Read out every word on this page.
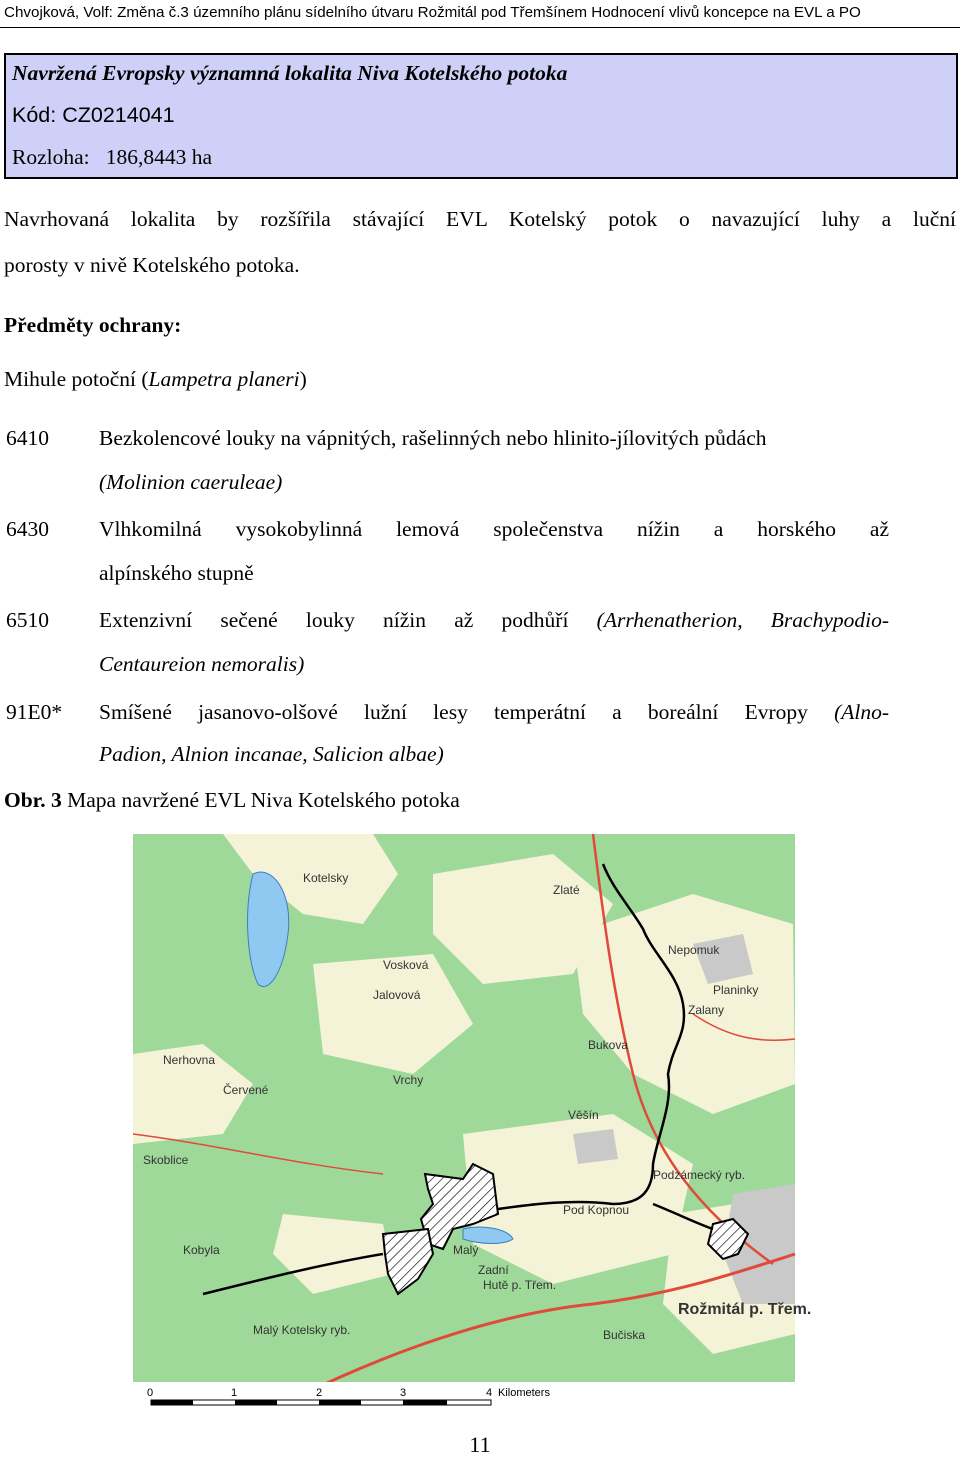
Chvojková, Volf: Změna č.3 územního plánu sídelního útvaru Rožmitál pod Třemšínem Hodnocení vlivů koncepce na EVL a PO
Navržená Evropsky významná lokalita Niva Kotelského potoka
Kód: CZ0214041
Rozloha: 186,8443 ha
Navrhovaná lokalita by rozšířila stávající EVL Kotelský potok o navazující luhy a luční
porosty v nivě Kotelského potoka.
Předměty ochrany:
Mihule potoční (Lampetra planeri)
6410 Bezkolencové louky na vápnitých, rašelinných nebo hlinito-jílovitých půdách
(Molinion caeruleae)
6430 Vlhkomilná vysokobylinná lemová společenstva nížin a horského až
alpínského stupně
6510 Extenzivní sečené louky nížin až podhůří (Arrhenatherion, Brachypodio-
Centaureion nemoralis)
91E0* Smíšené jasanovo-olšové lužní lesy temperátní a boreální Evropy (Alno-
Padion, Alnion incanae, Salicion albae)
Obr. 3 Mapa navržené EVL Niva Kotelského potoka
Nepomuk
Zalany
Bukova
Věšín
Pod Kopnou
Rožmitál p. Třem.
Zadní
Hutě p. Třem.
Kotelsky
Nerhovna
Skoblice
Vrchy
Planinky
Jalovová
Vosková
Zlaté
Červené
Kobyla	Malý
Bučiska
Malý Kotelsky ryb.
Podzámecký ryb.
0	1	2	3	4 Kilometers
11
